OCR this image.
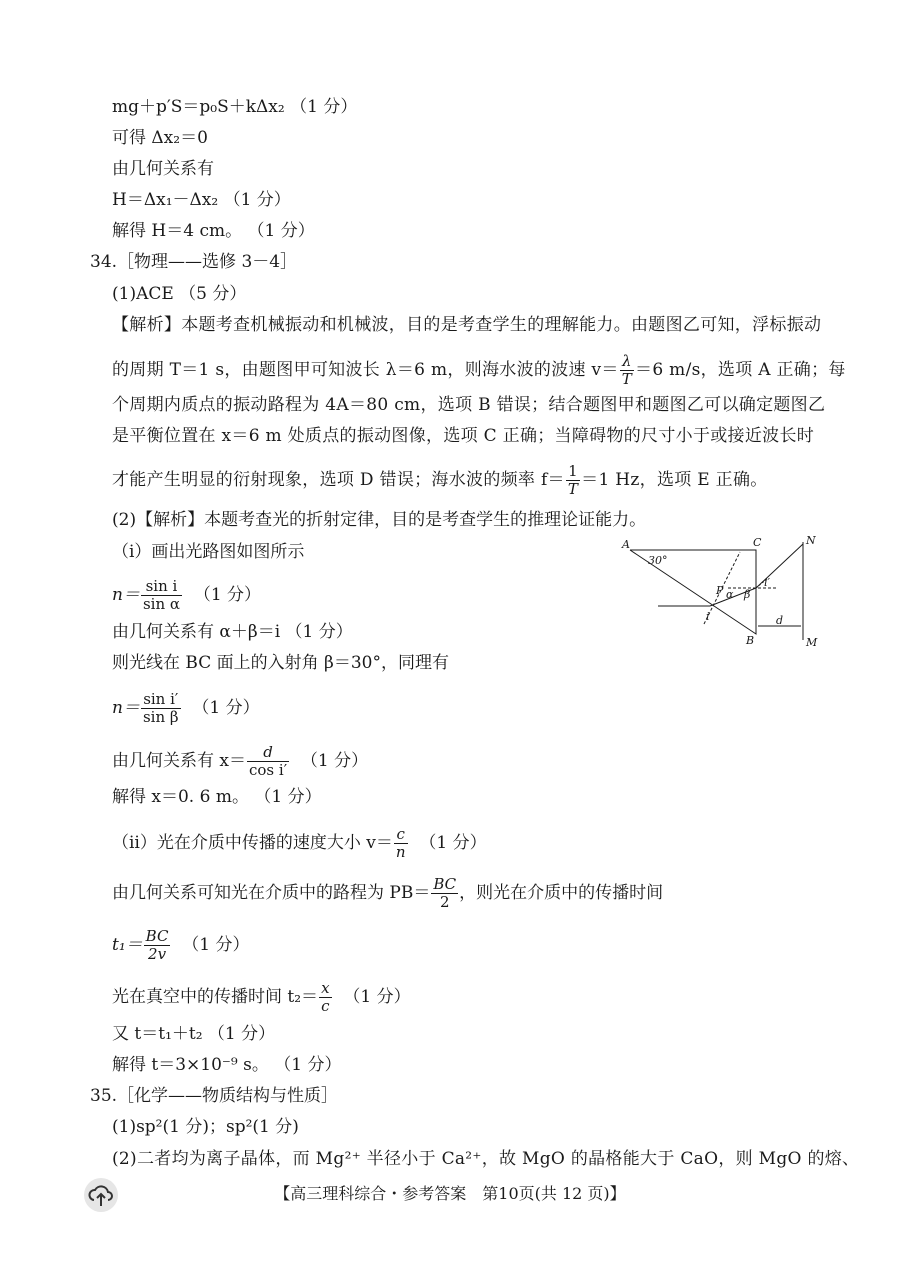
mg＋p′S＝p₀S＋kΔx₂ （1 分）
可得 Δx₂＝0
由几何关系有
H＝Δx₁－Δx₂ （1 分）
解得 H＝4 cm。 （1 分）
34.［物理——选修 3－4］
(1)ACE （5 分）
【解析】本题考查机械振动和机械波，目的是考查学生的理解能力。由题图乙可知，浮标振动
的周期 T＝1 s，由题图甲可知波长 λ＝6 m，则海水波的波速 $v= \frac{\lambda}{T} =6$ m/s，选项 A 正确；每
个周期内质点的振动路程为 4A＝80 cm，选项 B 错误；结合题图甲和题图乙可以确定题图乙
是平衡位置在 x＝6 m 处质点的振动图像，选项 C 正确；当障碍物的尺寸小于或接近波长时
才能产生明显的衍射现象，选项 D 错误；海水波的频率 $f= \frac{1}{T} =1$ Hz，选项 E 正确。
(2)【解析】本题考查光的折射定律，目的是考查学生的推理论证能力。
（ⅰ）画出光路图如图所示
$n= \frac{\text{sin i}}{\text{sin α}} (1$ 分）
由几何关系有 α＋β＝i （1 分）
则光线在 BC 面上的入射角 β＝30°，同理有
$n= \frac{\text{sin i′}}{\text{sin β}} (1$ 分）
由几何关系有 $x= \frac{d}{\text{cos i′}} (1$ 分）
解得 x＝0. 6 m。 （1 分）
（ⅱ）光在介质中传播的速度大小 $v= \frac{c}{n} (1$ 分）
由几何关系可知光在介质中的路程为 $PB= \frac{BC}{2}$ ，则光在介质中的传播时间
$t_1= \frac{BC}{2v} (1$ 分）
光在真空中的传播时间 $t_2= \frac{x}{c} (1$ 分）
又 t＝t₁＋t₂ （1 分）
解得 t＝3×10⁻⁹ s。 （1 分）
35.［化学——物质结构与性质］
(1)sp²(1 分)；sp²(1 分)
(2)二者均为离子晶体，而 Mg²⁺ 半径小于 Ca²⁺，故 MgO 的晶格能大于 CaO，则 MgO 的熔、
A	C
B
N
M
P
d
30°
i
β
α
i′
【高三理科综合・参考答案　第10页(共 12 页)】
